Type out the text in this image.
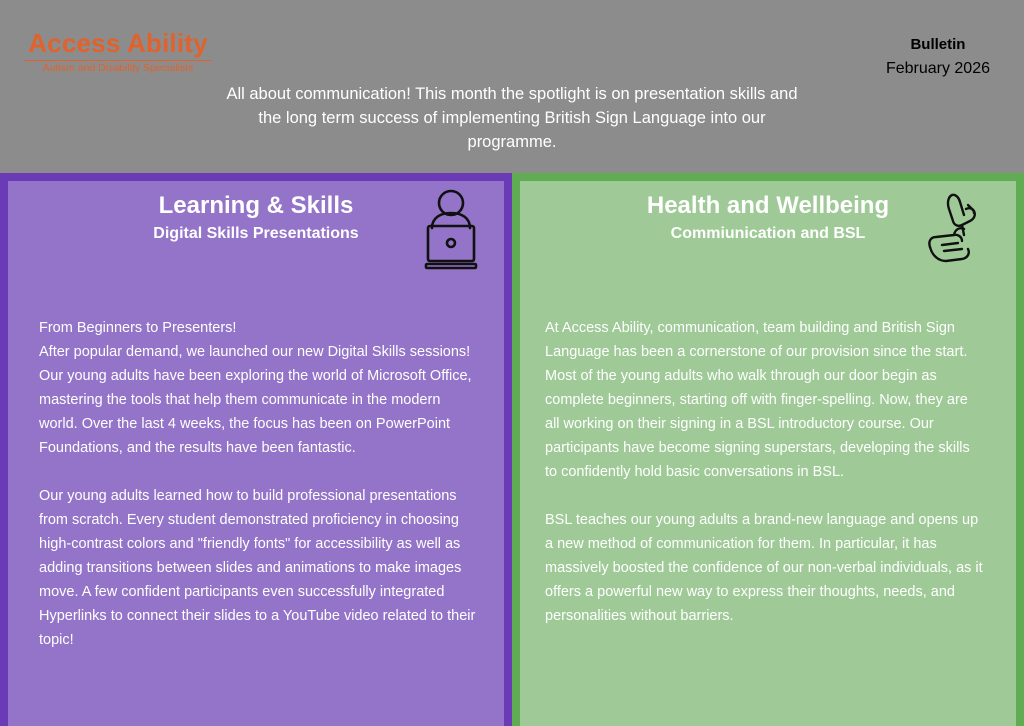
Access Ability
Autism and Disability Specialists
Bulletin
February 2026
All about communication! This month the spotlight is on presentation skills and the long term success of implementing British Sign Language into our programme.
Learning & Skills
Digital Skills Presentations
From Beginners to Presenters!
After popular demand, we launched our new Digital Skills sessions! Our young adults have been exploring the world of Microsoft Office, mastering the tools that help them communicate in the modern world. Over the last 4 weeks, the focus has been on PowerPoint Foundations, and the results have been fantastic.
Our young adults learned how to build professional presentations from scratch. Every student demonstrated proficiency in choosing high-contrast colors and "friendly fonts" for accessibility as well as adding transitions between slides and animations to make images move. A few confident participants even successfully integrated Hyperlinks to connect their slides to a YouTube video related to their topic!
Health and Wellbeing
Commiunication and BSL
At Access Ability, communication, team building and British Sign Language has been a cornerstone of our provision since the start. Most of the young adults who walk through our door begin as complete beginners, starting off with finger-spelling. Now, they are all working on their signing in a BSL introductory course. Our participants have become signing superstars, developing the skills to confidently hold basic conversations in BSL.
BSL teaches our young adults a brand-new language and opens up a new method of communication for them. In particular, it has massively boosted the confidence of our non-verbal individuals, as it offers a powerful new way to express their thoughts, needs, and personalities without barriers.
